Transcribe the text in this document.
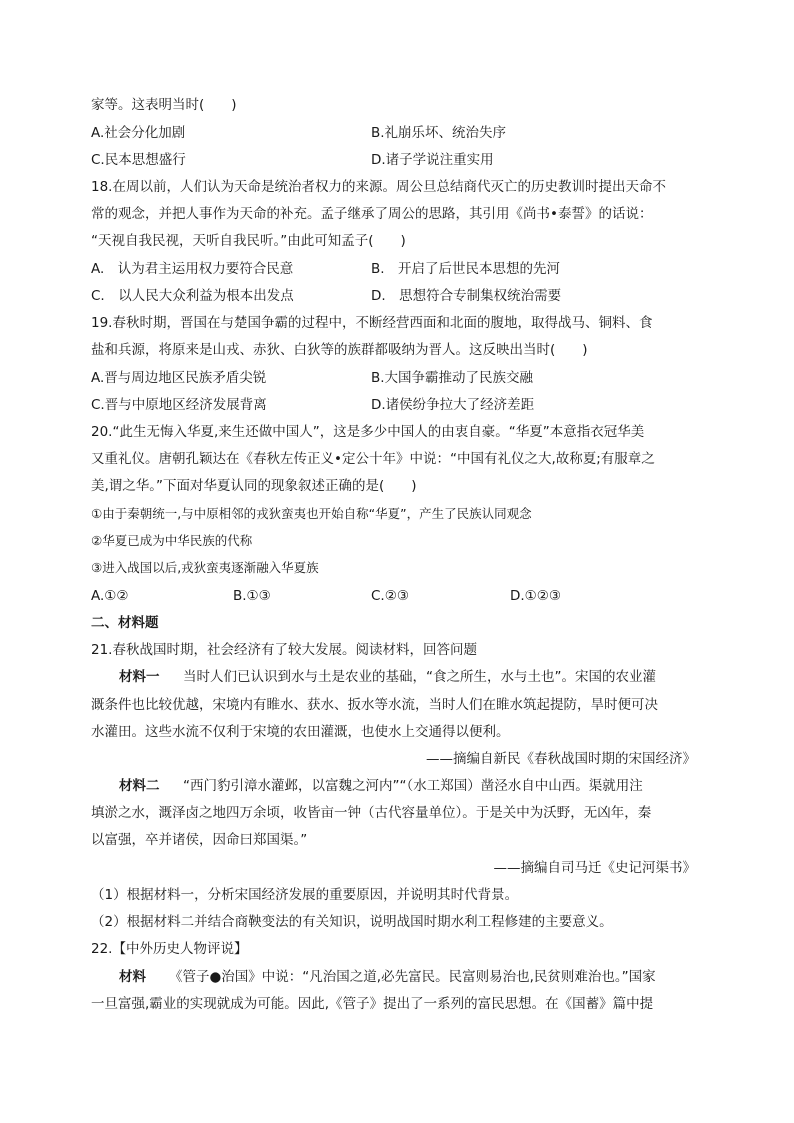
家等。这表明当时(　　)
A.社会分化加剧	B.礼崩乐坏、统治失序
C.民本思想盛行	D.诸子学说注重实用
18.在周以前，人们认为天命是统治者权力的来源。周公旦总结商代灭亡的历史教训时提出天命不
常的观念，并把人事作为天命的补充。孟子继承了周公的思路，其引用《尚书•泰誓》的话说：
“天视自我民视，天听自我民听。”由此可知孟子(　　)
A.　认为君主运用权力要符合民意	B.　开启了后世民本思想的先河
C.　以人民大众利益为根本出发点	D.　思想符合专制集权统治需要
19.春秋时期，晋国在与楚国争霸的过程中，不断经营西面和北面的腹地，取得战马、铜料、食
盐和兵源，将原来是山戎、赤狄、白狄等的族群都吸纳为晋人。这反映出当时(　　)
A.晋与周边地区民族矛盾尖锐	B.大国争霸推动了民族交融
C.晋与中原地区经济发展背离	D.诸侯纷争拉大了经济差距
20.“此生无悔入华夏,来生还做中国人”，这是多少中国人的由衷自豪。“华夏”本意指衣冠华美
又重礼仪。唐朝孔颖达在《春秋左传正义•定公十年》中说：“中国有礼仪之大,故称夏;有服章之
美,谓之华。”下面对华夏认同的现象叙述正确的是(　　)
①由于秦朝统一,与中原相邻的戎狄蛮夷也开始自称“华夏”，产生了民族认同观念
②华夏已成为中华民族的代称
③进入战国以后,戎狄蛮夷逐渐融入华夏族
A.①②	B.①③	C.②③	D.①②③
二、材料题
21.春秋战国时期，社会经济有了较大发展。阅读材料，回答问题
材料一 当时人们已认识到水与土是农业的基础，“食之所生，水与土也”。宋国的农业灌
溉条件也比较优越，宋境内有睢水、获水、扳水等水流，当时人们在睢水筑起提防，旱时便可决
水灌田。这些水流不仅利于宋境的农田灌溉，也使水上交通得以便利。
——摘编自新民《春秋战国时期的宋国经济》
材料二 “西门豹引漳水灌邺，以富魏之河内”“（水工郑国）凿泾水自中山西。渠就用注
填淤之水，溉泽卤之地四万余顷，收皆亩一钟（古代容量单位）。于是关中为沃野，无凶年，秦
以富强，卒并诸侯，因命曰郑国渠。”
——摘编自司马迁《史记河渠书》
（1）根据材料一，分析宋国经济发展的重要原因，并说明其时代背景。
（2）根据材料二并结合商鞅变法的有关知识，说明战国时期水利工程修建的主要意义。
22.【中外历史人物评说】
材料 《管子●治国》中说：“凡治国之道,必先富民。民富则易治也,民贫则难治也。”国家
一旦富强,霸业的实现就成为可能。因此,《管子》提出了一系列的富民思想。在《国蓄》篇中提
